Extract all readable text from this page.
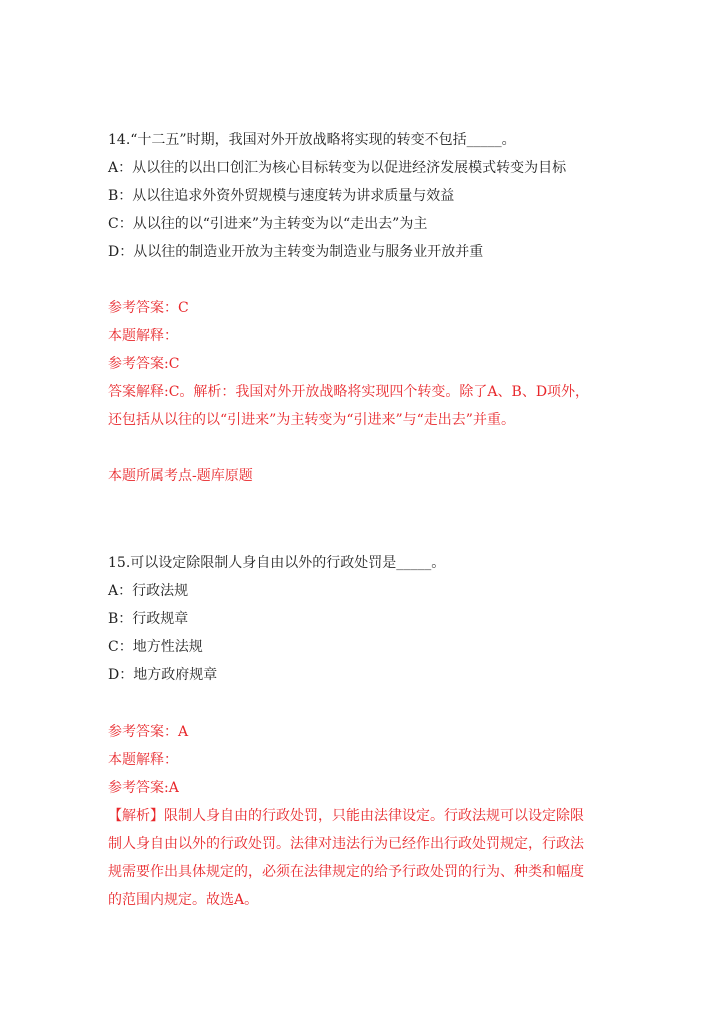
14.“十二五”时期，我国对外开放战略将实现的转变不包括_____。
A：从以往的以出口创汇为核心目标转变为以促进经济发展模式转变为目标
B：从以往追求外资外贸规模与速度转为讲求质量与效益
C：从以往的以“引进来”为主转变为以“走出去”为主
D：从以往的制造业开放为主转变为制造业与服务业开放并重
参考答案：C
本题解释：
参考答案:C
答案解释:C。解析：我国对外开放战略将实现四个转变。除了A、B、D项外，
还包括从以往的以“引进来”为主转变为“引进来”与“走出去”并重。
本题所属考点-题库原题
15.可以设定除限制人身自由以外的行政处罚是_____。
A：行政法规
B：行政规章
C：地方性法规
D：地方政府规章
参考答案：A
本题解释：
参考答案:A
【解析】限制人身自由的行政处罚，只能由法律设定。行政法规可以设定除限
制人身自由以外的行政处罚。法律对违法行为已经作出行政处罚规定，行政法
规需要作出具体规定的，必须在法律规定的给予行政处罚的行为、种类和幅度
的范围内规定。故选A。
